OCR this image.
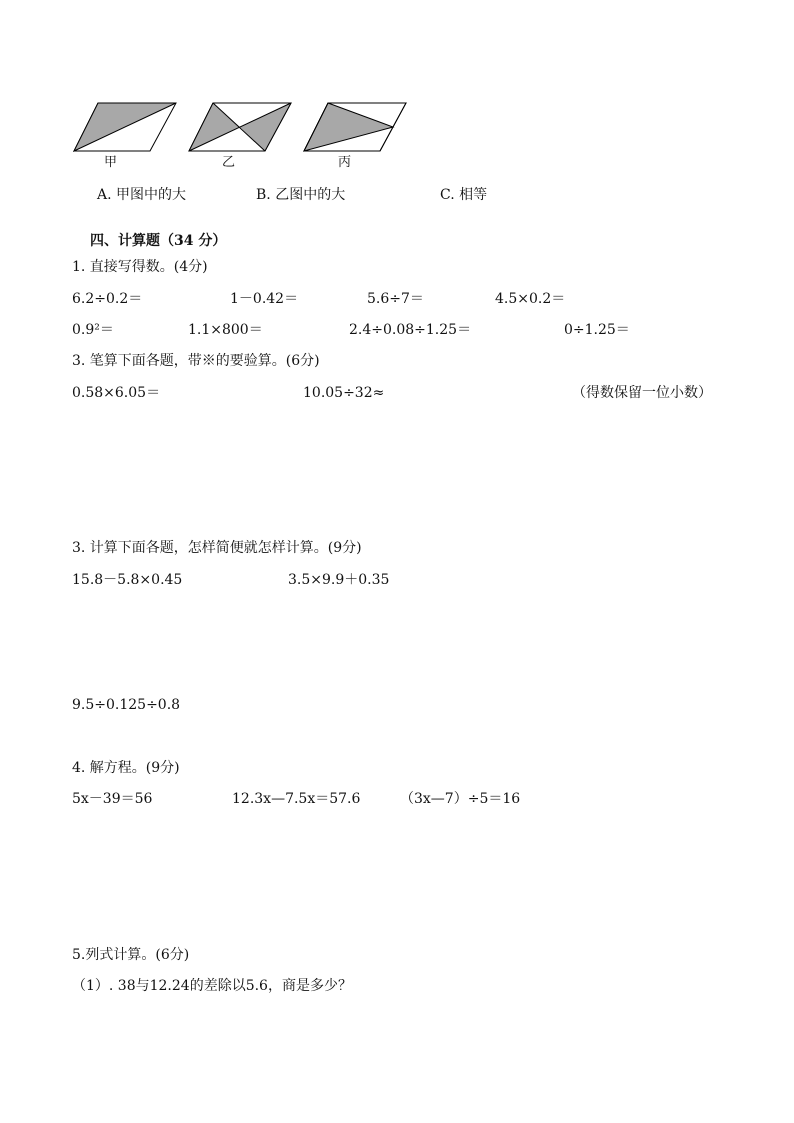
甲	乙	丙
A. 甲图中的大	B. 乙图中的大	C. 相等
四、计算题（34 分）
1. 直接写得数。(4分)
6.2÷0.2＝	1－0.42＝	5.6÷7＝	4.5×0.2＝
0.9²＝	1.1×800＝	2.4÷0.08÷1.25＝	0÷1.25＝
3. 笔算下面各题，带※的要验算。(6分)
0.58×6.05＝	10.05÷32≈	（得数保留一位小数）
3. 计算下面各题，怎样简便就怎样计算。(9分)
15.8－5.8×0.45	3.5×9.9＋0.35
9.5÷0.125÷0.8
4. 解方程。(9分)
5x－39＝56	12.3x—7.5x＝57.6	（3x—7）÷5＝16
5.列式计算。(6分)
（1）. 38与12.24的差除以5.6，商是多少？
